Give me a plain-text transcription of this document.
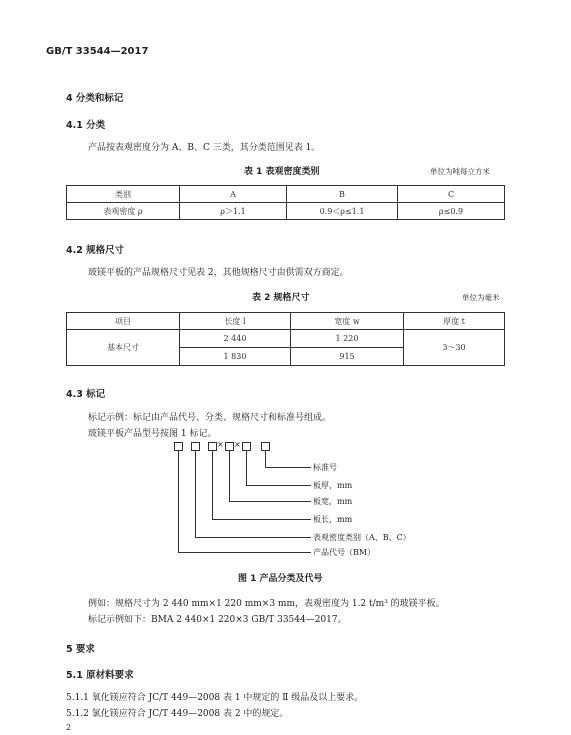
GB/T 33544—2017
4 分类和标记
4.1 分类
产品按表观密度分为 A、B、C 三类，其分类范围见表 1。
表 1 表观密度类别	单位为吨每立方米
类别	A	B	C
表观密度 ρ	ρ＞1.1	0.9＜ρ≤1.1	ρ≤0.9
4.2 规格尺寸
玻镁平板的产品规格尺寸见表 2，其他规格尺寸由供需双方商定。
表 2 规格尺寸	单位为毫米
项目	长度 l	宽度 w	厚度 t
基本尺寸	2 440	1 220	3～30
	1 830	915	
4.3 标记
标记示例：标记由产品代号、分类、规格尺寸和标准号组成。
玻镁平板产品型号按图 1 标记。
× ×
标准号
板厚，mm
板宽，mm
板长，mm
表观密度类别（A、B、C）
产品代号（BM）
图 1 产品分类及代号
例如：规格尺寸为 2 440 mm×1 220 mm×3 mm，表观密度为 1.2 t/m³ 的玻镁平板。
标记示例如下：BMA 2 440×1 220×3 GB/T 33544—2017。
5 要求
5.1 原材料要求
5.1.1 氧化镁应符合 JC/T 449—2008 表 1 中规定的 Ⅱ 级品及以上要求。
5.1.2 氯化镁应符合 JC/T 449—2008 表 2 中的规定。
2
